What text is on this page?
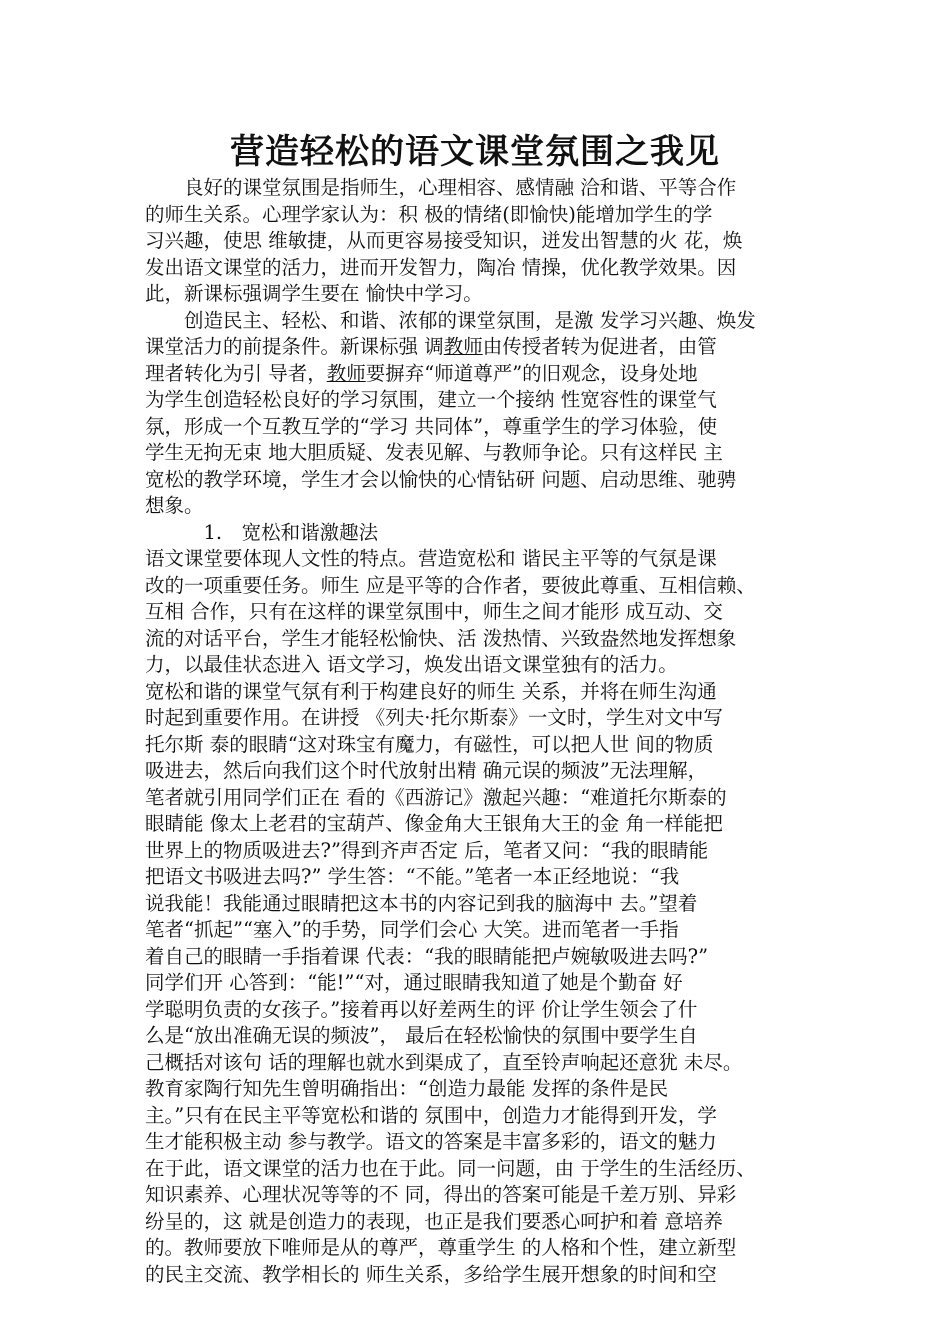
营造轻松的语文课堂氛围之我见
　　良好的课堂氛围是指师生，心理相容、感情融 洽和谐、平等合作
的师生关系。心理学家认为：积 极的情绪(即愉快)能增加学生的学
习兴趣，使思 维敏捷，从而更容易接受知识，迸发出智慧的火 花，焕
发出语文课堂的活力，进而开发智力，陶冶 情操，优化教学效果。因
此，新课标强调学生要在 愉快中学习。
　　创造民主、轻松、和谐、浓郁的课堂氛围，是激 发学习兴趣、焕发
课堂活力的前提条件。新课标强 调教师由传授者转为促进者，由管
理者转化为引 导者，教师要摒弃“师道尊严”的旧观念，设身处地
为学生创造轻松良好的学习氛围，建立一个接纳 性宽容性的课堂气
氛，形成一个互教互学的“学习 共同体”，尊重学生的学习体验，使
学生无拘无束 地大胆质疑、发表见解、与教师争论。只有这样民 主
宽松的教学环境，学生才会以愉快的心情钻研 问题、启动思维、驰骋
想象。
　　　1.　宽松和谐激趣法
语文课堂要体现人文性的特点。营造宽松和 谐民主平等的气氛是课
改的一项重要任务。师生 应是平等的合作者，要彼此尊重、互相信赖、
互相 合作，只有在这样的课堂氛围中，师生之间才能形 成互动、交
流的对话平台，学生才能轻松愉快、活 泼热情、兴致盎然地发挥想象
力，以最佳状态进入 语文学习，焕发出语文课堂独有的活力。
宽松和谐的课堂气氛有利于构建良好的师生 关系，并将在师生沟通
时起到重要作用。在讲授 《列夫·托尔斯泰》一文时，学生对文中写
托尔斯 泰的眼睛“这对珠宝有魔力，有磁性，可以把人世 间的物质
吸进去，然后向我们这个时代放射出精 确元误的频波”无法理解，
笔者就引用同学们正在 看的《西游记》激起兴趣：“难道托尔斯泰的
眼睛能 像太上老君的宝葫芦、像金角大王银角大王的金 角一样能把
世界上的物质吸进去?”得到齐声否定 后，笔者又问：“我的眼睛能
把语文书吸进去吗?” 学生答：“不能。”笔者一本正经地说：“我
说我能！我能通过眼睛把这本书的内容记到我的脑海中 去。”望着
笔者“抓起”“塞入”的手势，同学们会心 大笑。进而笔者一手指
着自己的眼睛一手指着课 代表：“我的眼睛能把卢婉敏吸进去吗?”
同学们开 心答到：“能!”“对，通过眼睛我知道了她是个勤奋 好
学聪明负责的女孩子。”接着再以好差两生的评 价让学生领会了什
么是“放出准确无误的频波”， 最后在轻松愉快的氛围中要学生自
己概括对该句 话的理解也就水到渠成了，直至铃声响起还意犹 未尽。
教育家陶行知先生曾明确指出：“创造力最能 发挥的条件是民
主。”只有在民主平等宽松和谐的 氛围中，创造力才能得到开发，学
生才能积极主动 参与教学。语文的答案是丰富多彩的，语文的魅力
在于此，语文课堂的活力也在于此。同一问题，由 于学生的生活经历、
知识素养、心理状况等等的不 同，得出的答案可能是千差万别、异彩
纷呈的，这 就是创造力的表现，也正是我们要悉心呵护和着 意培养
的。教师要放下唯师是从的尊严，尊重学生 的人格和个性，建立新型
的民主交流、教学相长的 师生关系，多给学生展开想象的时间和空
